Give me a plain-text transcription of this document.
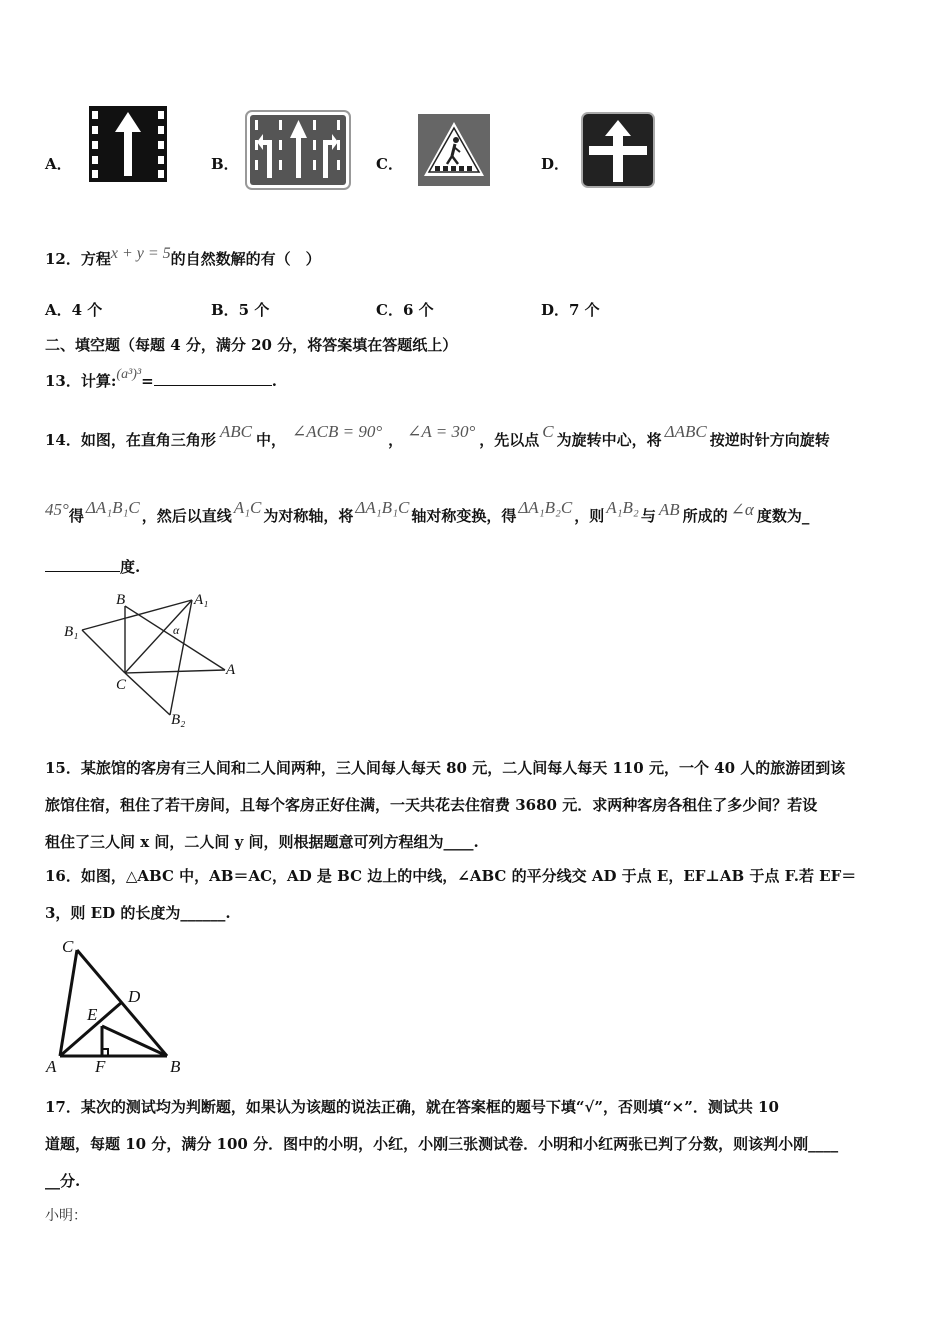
A．	B．	C．	D．
12．方程x + y = 5的自然数解的有（　）
A．4 个	B．5 个	C．6 个	D．7 个
二、填空题（每题 4 分，满分 20 分，将答案填在答题纸上）
13．计算:(a³)³=	.
14．如图，在直角三角形 ABC 中， ∠ACB = 90° ， ∠A = 30° ，先以点 C 为旋转中心，将 ΔABC 按逆时针方向旋转
45°得 ΔA₁B₁C ，然后以直线 A₁C 为对称轴，将 ΔA₁B₁C 轴对称变换，得 ΔA₁B₂C ，则 A₁B₂ 与 AB 所成的 ∠α 度数为_
度.
B	A₁
B₁	α
A
C
B₂
15．某旅馆的客房有三人间和二人间两种，三人间每人每天 80 元，二人间每人每天 110 元，一个 40 人的旅游团到该
旅馆住宿，租住了若干房间，且每个客房正好住满，一天共花去住宿费 3680 元．求两种客房各租住了多少间？若设
租住了三人间 x 间，二人间 y 间，则根据题意可列方程组为____.
16．如图，△ABC 中，AB＝AC，AD 是 BC 边上的中线，∠ABC 的平分线交 AD 于点 E，EF⊥AB 于点 F.若 EF＝
3，则 ED 的长度为______.
C
D
E
A F	B
17．某次的测试均为判断题，如果认为该题的说法正确，就在答案框的题号下填“√”，否则填“×”．测试共 10
道题，每题 10 分，满分 100 分．图中的小明，小红，小刚三张测试卷．小明和小红两张已判了分数，则该判小刚____
__分.
小明：
